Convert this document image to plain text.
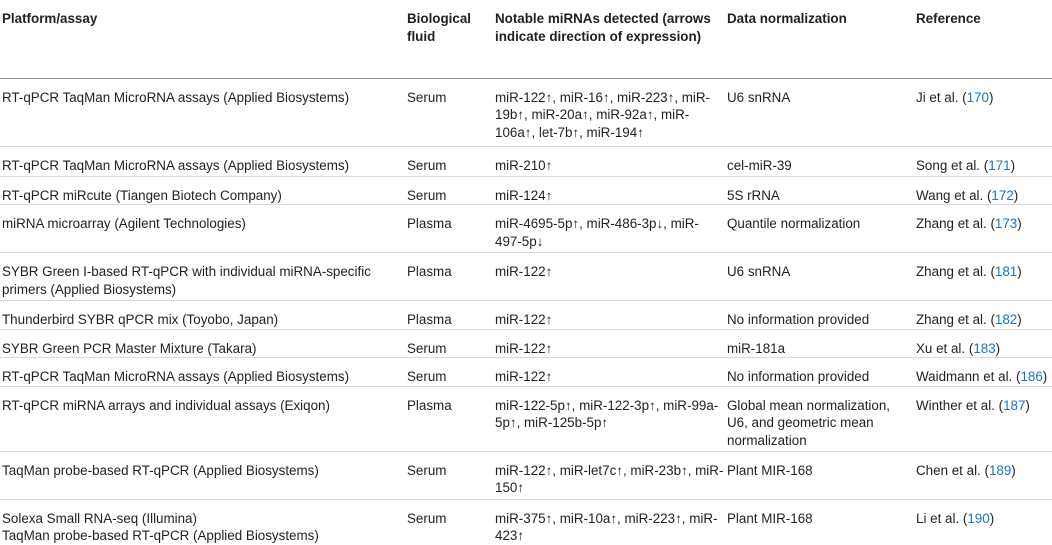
Platform/assay	Biological fluid	Notable miRNAs detected (arrows indicate direction of expression)	Data normalization	Reference
RT-qPCR TaqMan MicroRNA assays (Applied Biosystems)	Serum	miR-122↑, miR-16↑, miR-223↑, miR-19b↑, miR-20a↑, miR-92a↑, miR-106a↑, let-7b↑, miR-194↑	U6 snRNA	Ji et al. (170)
RT-qPCR TaqMan MicroRNA assays (Applied Biosystems)	Serum	miR-210↑	cel-miR-39	Song et al. (171)
RT-qPCR miRcute (Tiangen Biotech Company)	Serum	miR-124↑	5S rRNA	Wang et al. (172)
miRNA microarray (Agilent Technologies)	Plasma	miR-4695-5p↑, miR-486-3p↓, miR-497-5p↓	Quantile normalization	Zhang et al. (173)
SYBR Green I-based RT-qPCR with individual miRNA-specific primers (Applied Biosystems)	Plasma	miR-122↑	U6 snRNA	Zhang et al. (181)
Thunderbird SYBR qPCR mix (Toyobo, Japan)	Plasma	miR-122↑	No information provided	Zhang et al. (182)
SYBR Green PCR Master Mixture (Takara)	Serum	miR-122↑	miR-181a	Xu et al. (183)
RT-qPCR TaqMan MicroRNA assays (Applied Biosystems)	Serum	miR-122↑	No information provided	Waidmann et al. (186)
RT-qPCR miRNA arrays and individual assays (Exiqon)	Plasma	miR-122-5p↑, miR-122-3p↑, miR-99a-5p↑, miR-125b-5p↑	Global mean normalization, U6, and geometric mean normalization	Winther et al. (187)
TaqMan probe-based RT-qPCR (Applied Biosystems)	Serum	miR-122↑, miR-let7c↑, miR-23b↑, miR-150↑	Plant MIR-168	Chen et al. (189)

Solexa Small RNA-seq (Illumina)
TaqMan probe-based RT-qPCR (Applied Biosystems)	Serum	miR-375↑, miR-10a↑, miR-223↑, miR-423↑	Plant MIR-168	Li et al. (190)
